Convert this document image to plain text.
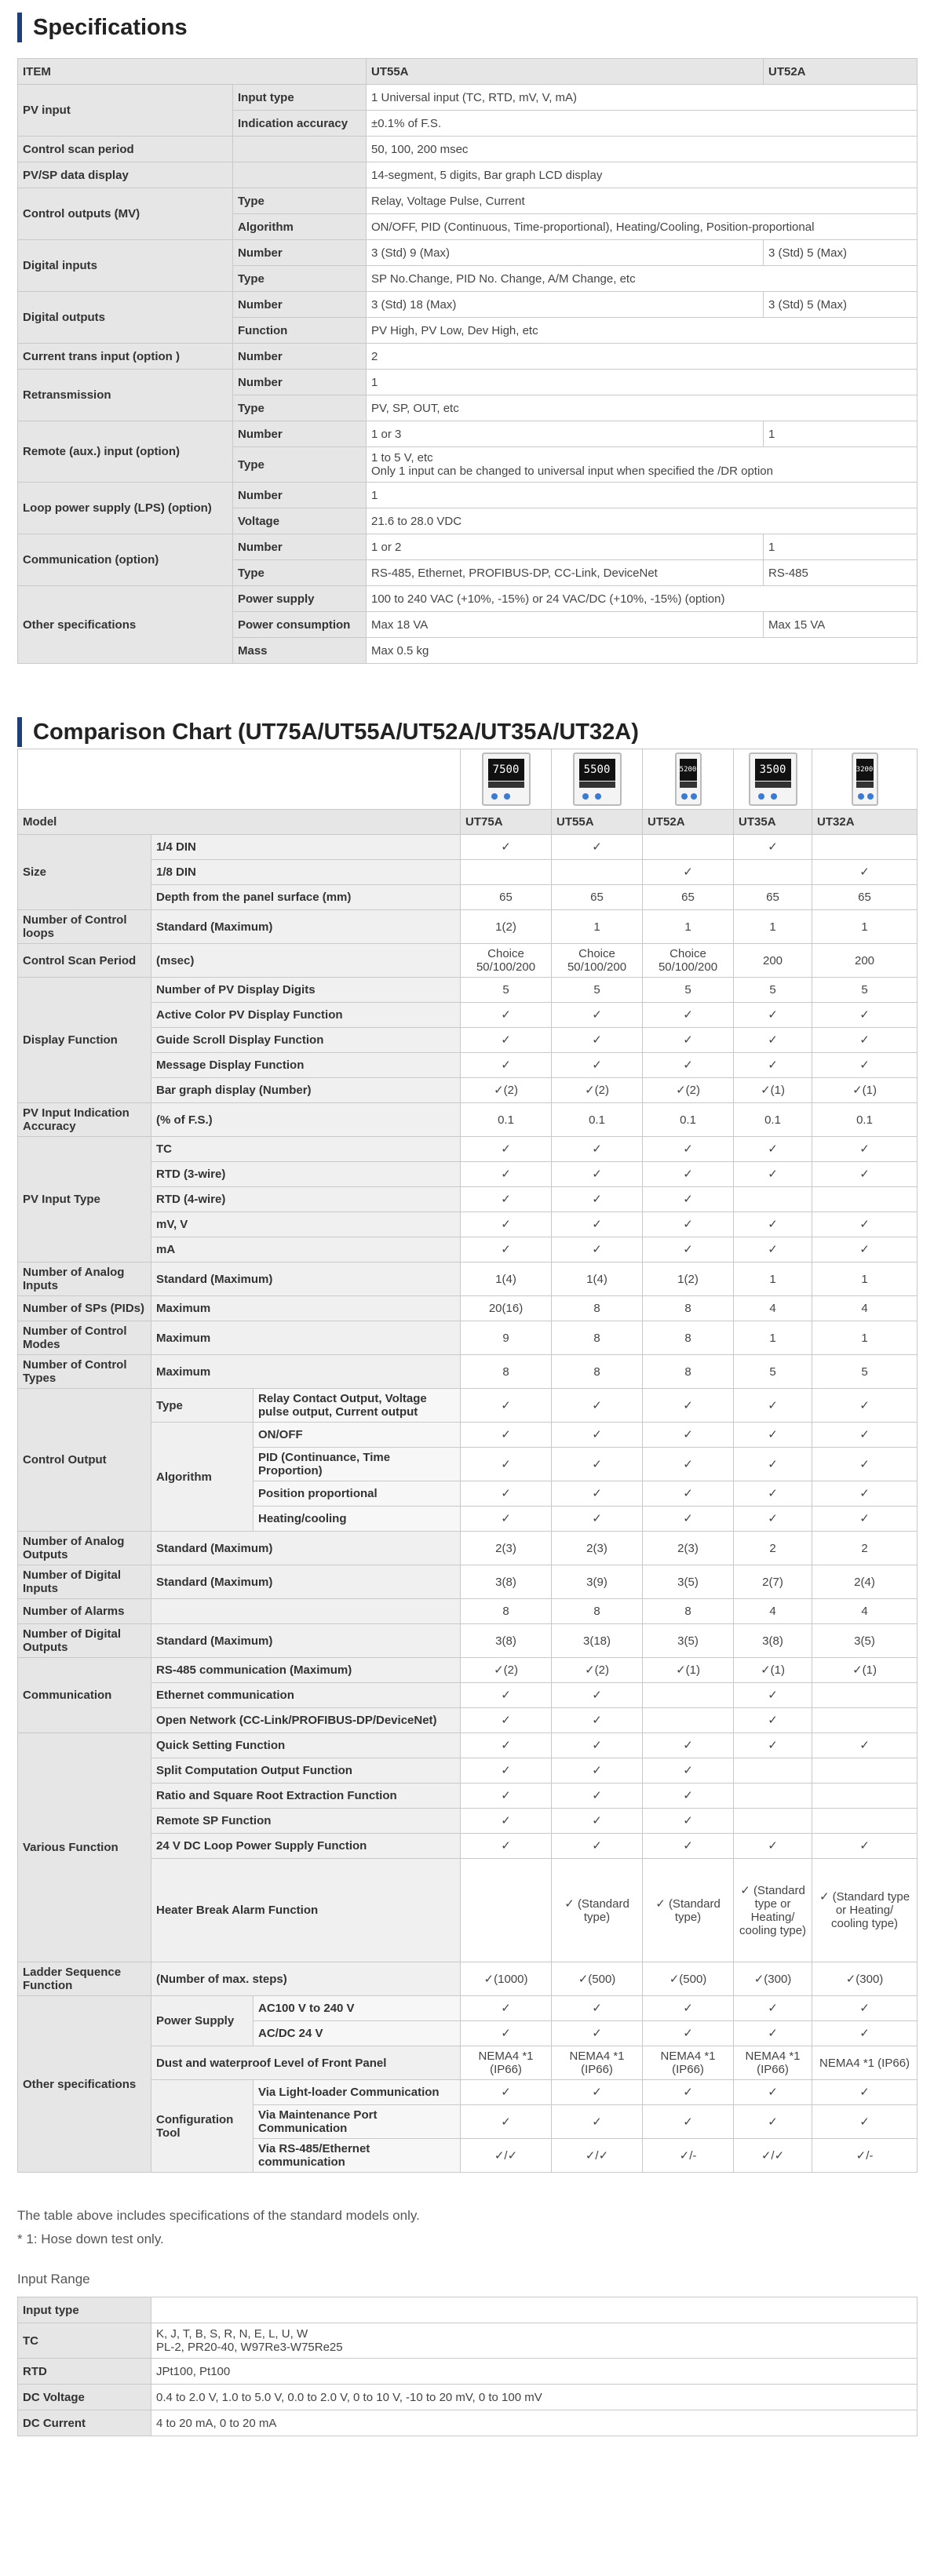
Specifications
ITEM		UT55A	UT52A
PV input	Input type	1 Universal input (TC, RTD, mV, V, mA)	
	Indication accuracy	±0.1% of F.S.	
Control scan period		50, 100, 200 msec	
PV/SP data display		14-segment, 5 digits, Bar graph LCD display	
Control outputs (MV)	Type	Relay, Voltage Pulse, Current	
	Algorithm	ON/OFF, PID (Continuous, Time-proportional), Heating/Cooling, Position-proportional	
Digital inputs	Number	3 (Std) 9 (Max)	3 (Std) 5 (Max)
	Type	SP No.Change, PID No. Change, A/M Change, etc	
Digital outputs	Number	3 (Std) 18 (Max)	3 (Std) 5 (Max)
	Function	PV High, PV Low, Dev High, etc	
Current trans input (option )	Number	2	
Retransmission	Number	1	
	Type	PV, SP, OUT, etc	
Remote (aux.) input (option)	Number	1 or 3	1
	Type	1 to 5 V, etc
Only 1 input can be changed to universal input when specified the /DR option	

Loop power supply (LPS) (option)	Number	1	
	Voltage	21.6 to 28.0 VDC	
Communication (option)	Number	1 or 2	1
	Type	RS-485, Ethernet, PROFIBUS-DP, CC-Link, DeviceNet	RS-485
Other specifications	Power supply	100 to 240 VAC (+10%, -15%) or 24 VAC/DC (+10%, -15%) (option)	
	Power consumption	Max 18 VA	Max 15 VA
	Mass	Max 0.5 kg	
Comparison Chart (UT75A/UT55A/UT52A/UT35A/UT32A)

			7500	5500	5200	3500	3200

Model			UT75A	UT55A	UT52A	UT35A	UT32A
Size	1/4 DIN		✓	✓		✓	
	1/8 DIN				✓		✓
	Depth from the panel surface (mm)		65	65	65	65	65
Number of Control loops	Standard (Maximum)		1(2)	1	1	1	1
Control Scan Period	(msec)		Choice 50/100/200	Choice 50/100/200	Choice 50/100/200	200	200
Display Function	Number of PV Display Digits		5	5	5	5	5
	Active Color PV Display Function		✓	✓	✓	✓	✓
	Guide Scroll Display Function		✓	✓	✓	✓	✓
	Message Display Function		✓	✓	✓	✓	✓
	Bar graph display (Number)		✓(2)	✓(2)	✓(2)	✓(1)	✓(1)
PV Input Indication Accuracy	(% of F.S.)		0.1	0.1	0.1	0.1	0.1
PV Input Type	TC		✓	✓	✓	✓	✓
	RTD (3-wire)		✓	✓	✓	✓	✓
	RTD (4-wire)		✓	✓	✓		
	mV, V		✓	✓	✓	✓	✓
	mA		✓	✓	✓	✓	✓
Number of Analog Inputs	Standard (Maximum)		1(4)	1(4)	1(2)	1	1
Number of SPs (PIDs)	Maximum		20(16)	8	8	4	4
Number of Control Modes	Maximum		9	8	8	1	1
Number of Control Types	Maximum		8	8	8	5	5
Control Output	Type	Relay Contact Output, Voltage pulse output, Current output	✓	✓	✓	✓	✓
	Algorithm	ON/OFF	✓	✓	✓	✓	✓
		PID (Continuance, Time Proportion)	✓	✓	✓	✓	✓
		Position proportional	✓	✓	✓	✓	✓
		Heating/cooling	✓	✓	✓	✓	✓
Number of Analog Outputs	Standard (Maximum)		2(3)	2(3)	2(3)	2	2
Number of Digital Inputs	Standard (Maximum)		3(8)	3(9)	3(5)	2(7)	2(4)
Number of Alarms			8	8	8	4	4
Number of Digital Outputs	Standard (Maximum)		3(8)	3(18)	3(5)	3(8)	3(5)
Communication	RS-485 communication (Maximum)		✓(2)	✓(2)	✓(1)	✓(1)	✓(1)
	Ethernet communication		✓	✓		✓	
	Open Network (CC-Link/PROFIBUS-DP/DeviceNet)		✓	✓		✓	
Various Function	Quick Setting Function		✓	✓	✓	✓	✓
	Split Computation Output Function		✓	✓	✓		
	Ratio and Square Root Extraction Function		✓	✓	✓		
	Remote SP Function		✓	✓	✓		
	24 V DC Loop Power Supply Function		✓	✓	✓	✓	✓
	Heater Break Alarm Function			✓ (Standard type)	✓ (Standard type)	✓ (Standard type or Heating/ cooling type)	✓ (Standard type or Heating/ cooling type)
Ladder Sequence Function	(Number of max. steps)		✓(1000)	✓(500)	✓(500)	✓(300)	✓(300)
Other specifications	Power Supply	AC100 V to 240 V	✓	✓	✓	✓	✓
		AC/DC 24 V	✓	✓	✓	✓	✓
	Dust and waterproof Level of Front Panel		NEMA4 *1 (IP66)	NEMA4 *1 (IP66)	NEMA4 *1 (IP66)	NEMA4 *1 (IP66)	NEMA4 *1 (IP66)
	Configuration Tool	Via Light-loader Communication	✓	✓	✓	✓	✓
		Via Maintenance Port Communication	✓	✓	✓	✓	✓
		Via RS-485/Ethernet communication	✓/✓	✓/✓	✓/-	✓/✓	✓/-

The table above includes specifications of the standard models only.

* 1: Hose down test only.

Input Range
Input type	
TC	K, J, T, B, S, R, N, E, L, U, W
PL-2, PR20-40, W97Re3-W75Re25

RTD	JPt100, Pt100

DC Voltage	0.4 to 2.0 V, 1.0 to 5.0 V, 0.0 to 2.0 V, 0 to 10 V, -10 to 20 mV, 0 to 100 mV

DC Current	4 to 20 mA, 0 to 20 mA
